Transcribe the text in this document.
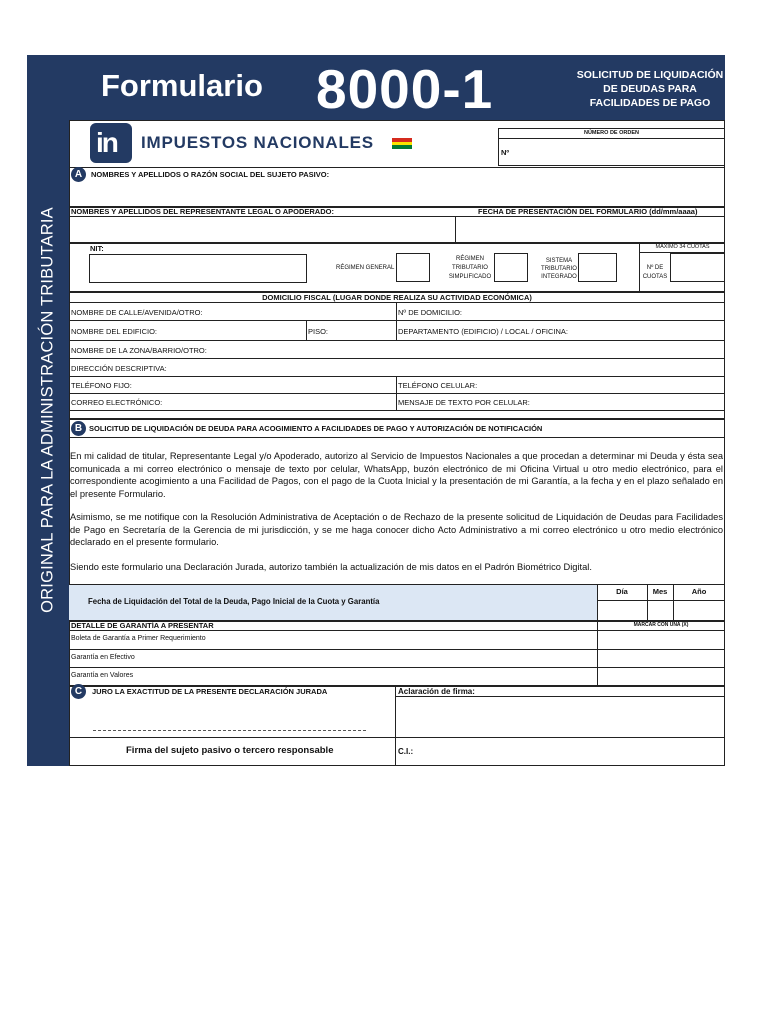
ORIGINAL PARA LA ADMINISTRACIÓN TRIBUTARIA
Formulario 8000-1	SOLICITUD DE LIQUIDACIÓN DE DEUDAS PARA FACILIDADES DE PAGO
in IMPUESTOS NACIONALES	NÚMERO DE ORDEN
Nº
A	NOMBRES Y APELLIDOS O RAZÓN SOCIAL DEL SUJETO PASIVO:
NOMBRES Y APELLIDOS DEL REPRESENTANTE LEGAL O APODERADO:	FECHA DE PRESENTACIÓN DEL FORMULARIO (dd/mm/aaaa)
NIT:
RÉGIMEN GENERAL
RÉGIMEN TRIBUTARIO SIMPLIFICADO
SISTEMA TRIBUTARIO INTEGRADO
MÁXIMO 34 CUOTAS
Nº DE CUOTAS
DOMICILIO FISCAL (LUGAR DONDE REALIZA SU ACTIVIDAD ECONÓMICA)
NOMBRE DE CALLE/AVENIDA/OTRO:	Nº DE DOMICILIO:
NOMBRE DEL EDIFICIO:	PISO:	DEPARTAMENTO (EDIFICIO) / LOCAL / OFICINA:
NOMBRE DE LA ZONA/BARRIO/OTRO:
DIRECCIÓN DESCRIPTIVA:
TELÉFONO FIJO:	TELÉFONO CELULAR:
CORREO ELECTRÓNICO:	MENSAJE DE TEXTO POR CELULAR:
B SOLICITUD DE LIQUIDACIÓN DE DEUDA PARA ACOGIMIENTO A FACILIDADES DE PAGO Y AUTORIZACIÓN DE NOTIFICACIÓN
En mi calidad de titular, Representante Legal y/o Apoderado, autorizo al Servicio de Impuestos Nacionales a que procedan a determinar mi Deuda y ésta sea comunicada a mi correo electrónico o mensaje de texto por celular, WhatsApp, buzón electrónico de mi Oficina Virtual u otro medio electrónico, para el correspondiente acogimiento a una Facilidad de Pagos, con el pago de la Cuota Inicial y la presentación de mi Garantía, a la fecha y en el plazo señalado en el presente Formulario.
Asimismo, se me notifique con la Resolución Administrativa de Aceptación o de Rechazo de la presente solicitud de Liquidación de Deudas para Facilidades de Pago en Secretaría de la Gerencia de mi jurisdicción, y se me haga conocer dicho Acto Administrativo a mi correo electrónico u otro medio electrónico declarado en el presente formulario.
Siendo este formulario una Declaración Jurada, autorizo también la actualización de mis datos en el Padrón Biométrico Digital.
Fecha de Liquidación del Total de la Deuda, Pago Inicial de la Cuota y Garantía
Día	Mes	Año
DETALLE DE GARANTÍA A PRESENTAR	MARCAR CON UNA (X)
Boleta de Garantía a Primer Requerimiento
Garantía en Efectivo
Garantía en Valores
C	JURO LA EXACTITUD DE LA PRESENTE DECLARACIÓN JURADA	Aclaración de firma:
Firma del sujeto pasivo o tercero responsable	C.I.:
